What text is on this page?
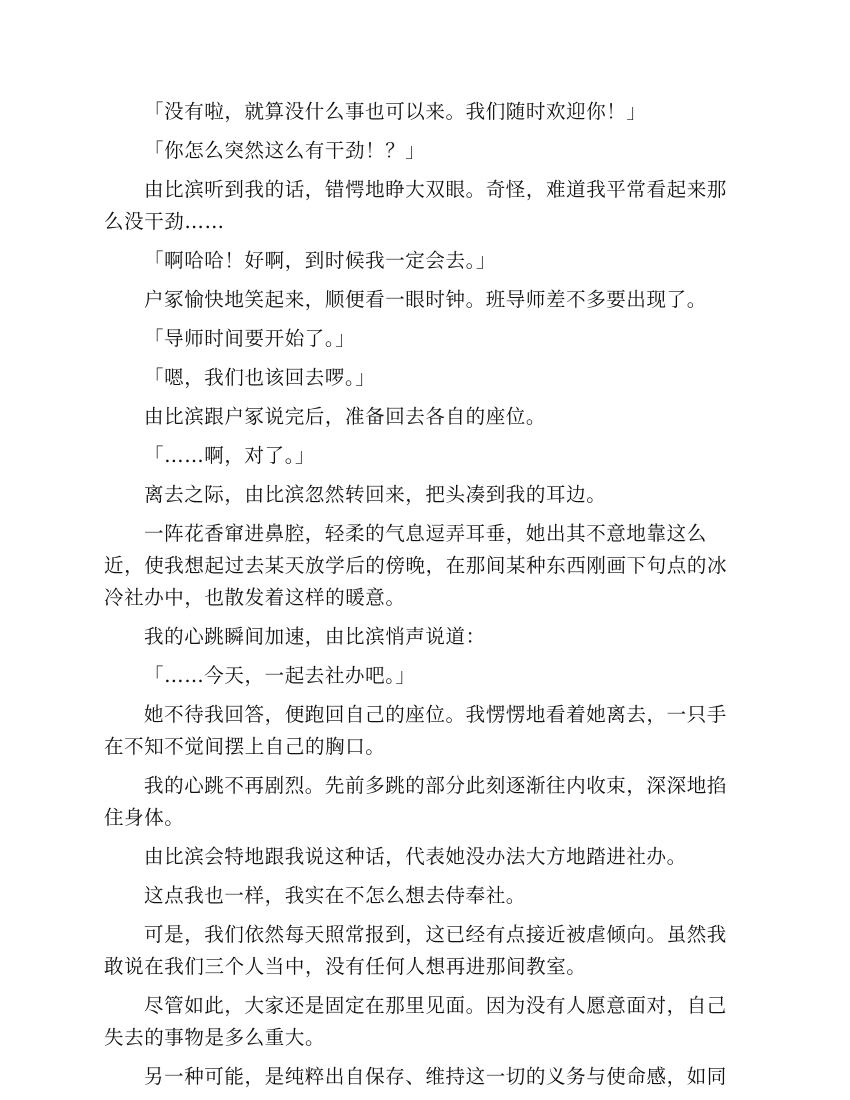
「没有啦，就算没什么事也可以来。我们随时欢迎你！」

「你怎么突然这么有干劲！？」

由比滨听到我的话，错愕地睁大双眼。奇怪，难道我平常看起来那么没干劲……

「啊哈哈！好啊，到时候我一定会去。」

户冢愉快地笑起来，顺便看一眼时钟。班导师差不多要出现了。

「导师时间要开始了。」

「嗯，我们也该回去啰。」

由比滨跟户冢说完后，准备回去各自的座位。

「……啊，对了。」

离去之际，由比滨忽然转回来，把头凑到我的耳边。

一阵花香窜进鼻腔，轻柔的气息逗弄耳垂，她出其不意地靠这么近，使我想起过去某天放学后的傍晚，在那间某种东西刚画下句点的冰冷社办中，也散发着这样的暖意。

我的心跳瞬间加速，由比滨悄声说道：

「……今天，一起去社办吧。」

她不待我回答，便跑回自己的座位。我愣愣地看着她离去，一只手在不知不觉间摆上自己的胸口。

我的心跳不再剧烈。先前多跳的部分此刻逐渐往内收束，深深地掐住身体。

由比滨会特地跟我说这种话，代表她没办法大方地踏进社办。

这点我也一样，我实在不怎么想去侍奉社。

可是，我们依然每天照常报到，这已经有点接近被虐倾向。虽然我敢说在我们三个人当中，没有任何人想再进那间教室。

尽管如此，大家还是固定在那里见面。因为没有人愿意面对，自己失去的事物是多么重大。

另一种可能，是纯粹出自保存、维持这一切的义务与使命感，如同
